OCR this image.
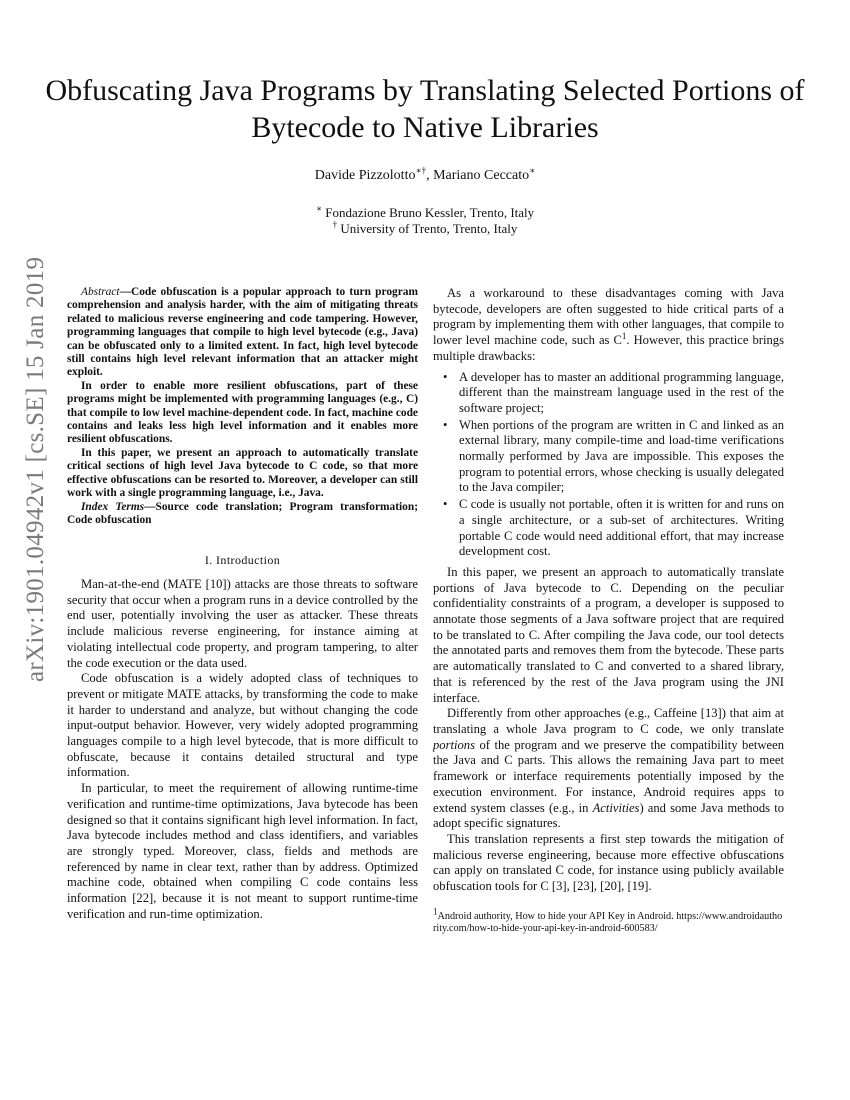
Obfuscating Java Programs by Translating Selected Portions of Bytecode to Native Libraries
Davide Pizzolotto∗†, Mariano Ceccato∗
∗ Fondazione Bruno Kessler, Trento, Italy
† University of Trento, Trento, Italy
arXiv:1901.04942v1 [cs.SE] 15 Jan 2019	Abstract—Code obfuscation is a popular approach to turn program comprehension and analysis harder, with the aim of mitigating threats related to malicious reverse engineering and code tampering. However, programming languages that compile to high level bytecode (e.g., Java) can be obfuscated only to a limited extent. In fact, high level bytecode still contains high level relevant information that an attacker might exploit.

In order to enable more resilient obfuscations, part of these programs might be implemented with programming languages (e.g., C) that compile to low level machine-dependent code. In fact, machine code contains and leaks less high level information and it enables more resilient obfuscations.

In this paper, we present an approach to automatically translate critical sections of high level Java bytecode to C code, so that more effective obfuscations can be resorted to. Moreover, a developer can still work with a single programming language, i.e., Java.

Index Terms—Source code translation; Program transformation; Code obfuscation

I. Introduction

Man-at-the-end (MATE [10]) attacks are those threats to software security that occur when a program runs in a device controlled by the end user, potentially involving the user as attacker. These threats include malicious reverse engineering, for instance aiming at violating intellectual code property, and program tampering, to alter the code execution or the data used.

Code obfuscation is a widely adopted class of techniques to prevent or mitigate MATE attacks, by transforming the code to make it harder to understand and analyze, but without changing the code input-output behavior. However, very widely adopted programming languages compile to a high level bytecode, that is more difficult to obfuscate, because it contains detailed structural and type information.

In particular, to meet the requirement of allowing runtime-time verification and runtime-time optimizations, Java bytecode has been designed so that it contains significant high level information. In fact, Java bytecode includes method and class identifiers, and variables are strongly typed. Moreover, class, fields and methods are referenced by name in clear text, rather than by address. Optimized machine code, obtained when compiling C code contains less information [22], because it is not meant to support runtime-time verification and run-time optimization.

As a workaround to these disadvantages coming with Java bytecode, developers are often suggested to hide critical parts of a program by implementing them with other languages, that compile to lower level machine code, such as $C^1$. However, this practice brings multiple drawbacks:

• A developer has to master an additional programming language, different than the mainstream language used in the rest of the software project;
• When portions of the program are written in C and linked as an external library, many compile-time and load-time verifications normally performed by Java are impossible. This exposes the program to potential errors, whose checking is usually delegated to the Java compiler;
• C code is usually not portable, often it is written for and runs on a single architecture, or a sub-set of architectures. Writing portable C code would need additional effort, that may increase development cost.

In this paper, we present an approach to automatically translate portions of Java bytecode to C. Depending on the peculiar confidentiality constraints of a program, a developer is supposed to annotate those segments of a Java software project that are required to be translated to C. After compiling the Java code, our tool detects the annotated parts and removes them from the bytecode. These parts are automatically translated to C and converted to a shared library, that is referenced by the rest of the Java program using the JNI interface.

Differently from other approaches (e.g., Caffeine [13]) that aim at translating a whole Java program to C code, we only translate portions of the program and we preserve the compatibility between the Java and C parts. This allows the remaining Java part to meet framework or interface requirements potentially imposed by the execution environment. For instance, Android requires apps to extend system classes (e.g., in Activities) and some Java methods to adopt specific signatures.

This translation represents a first step towards the mitigation of malicious reverse engineering, because more effective obfuscations can apply on translated C code, for instance using publicly available obfuscation tools for C [3], [23], [20], [19].

$^1$Android authority, How to hide your API Key in Android. https://www.androidauthority.com/how-to-hide-your-api-key-in-android-600583/
